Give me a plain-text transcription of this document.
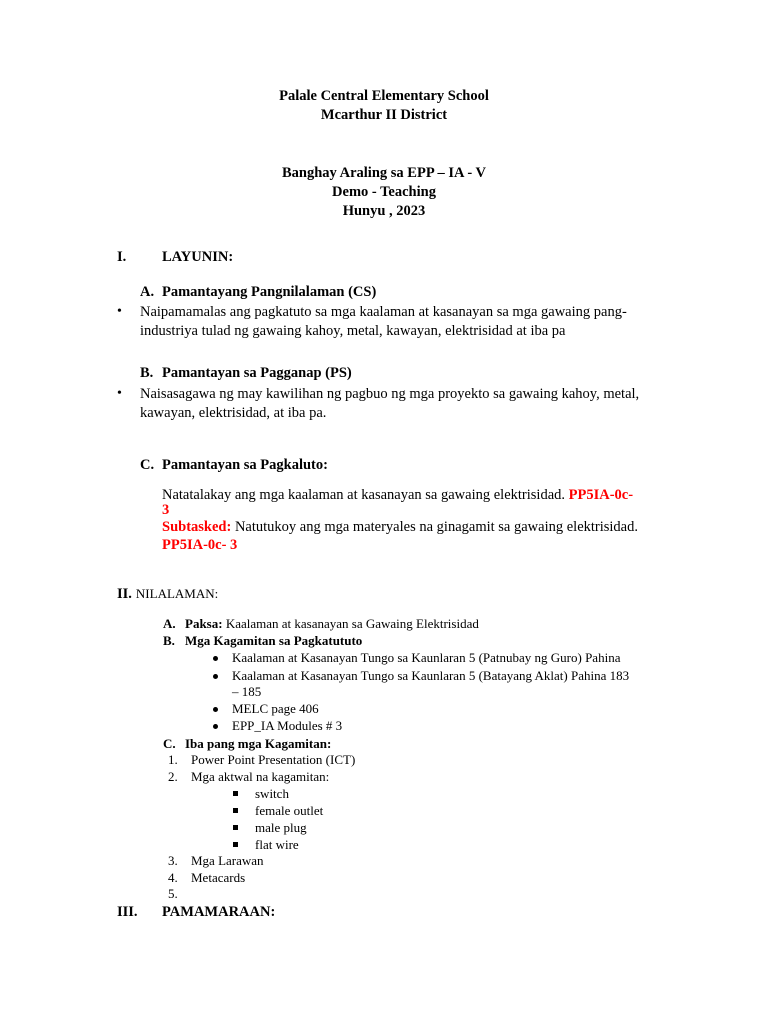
Palale Central Elementary School
Mcarthur II District
Banghay Araling sa EPP – IA - V
Demo - Teaching
Hunyu , 2023
I. LAYUNIN:
A. Pamantayang Pangnilalaman (CS)
• Naipamamalas ang pagkatuto sa mga kaalaman at kasanayan sa mga gawaing pang-
industriya tulad ng gawaing kahoy, metal, kawayan, elektrisidad at iba pa
B. Pamantayan sa Pagganap (PS)
• Naisasagawa ng may kawilihan ng pagbuo ng mga proyekto sa gawaing kahoy, metal,
kawayan, elektrisidad, at iba pa.
C. Pamantayan sa Pagkaluto:
Natatalakay ang mga kaalaman at kasanayan sa gawaing elektrisidad. PP5IA-0c-
3
Subtasked: Natutukoy ang mga materyales na ginagamit sa gawaing elektrisidad.
PP5IA-0c- 3
II. NILALAMAN:
A. Paksa: Kaalaman at kasanayan sa Gawaing Elektrisidad
B. Mga Kagamitan sa Pagkatututo
Kaalaman at Kasanayan Tungo sa Kaunlaran 5 (Patnubay ng Guro) Pahina
Kaalaman at Kasanayan Tungo sa Kaunlaran 5 (Batayang Aklat) Pahina 183
– 185
MELC page 406
EPP_IA Modules # 3
C. Iba pang mga Kagamitan:
1. Power Point Presentation (ICT)
2. Mga aktwal na kagamitan:
switch
female outlet
male plug
flat wire
3. Mga Larawan
4. Metacards
5.
III. PAMAMARAAN:
